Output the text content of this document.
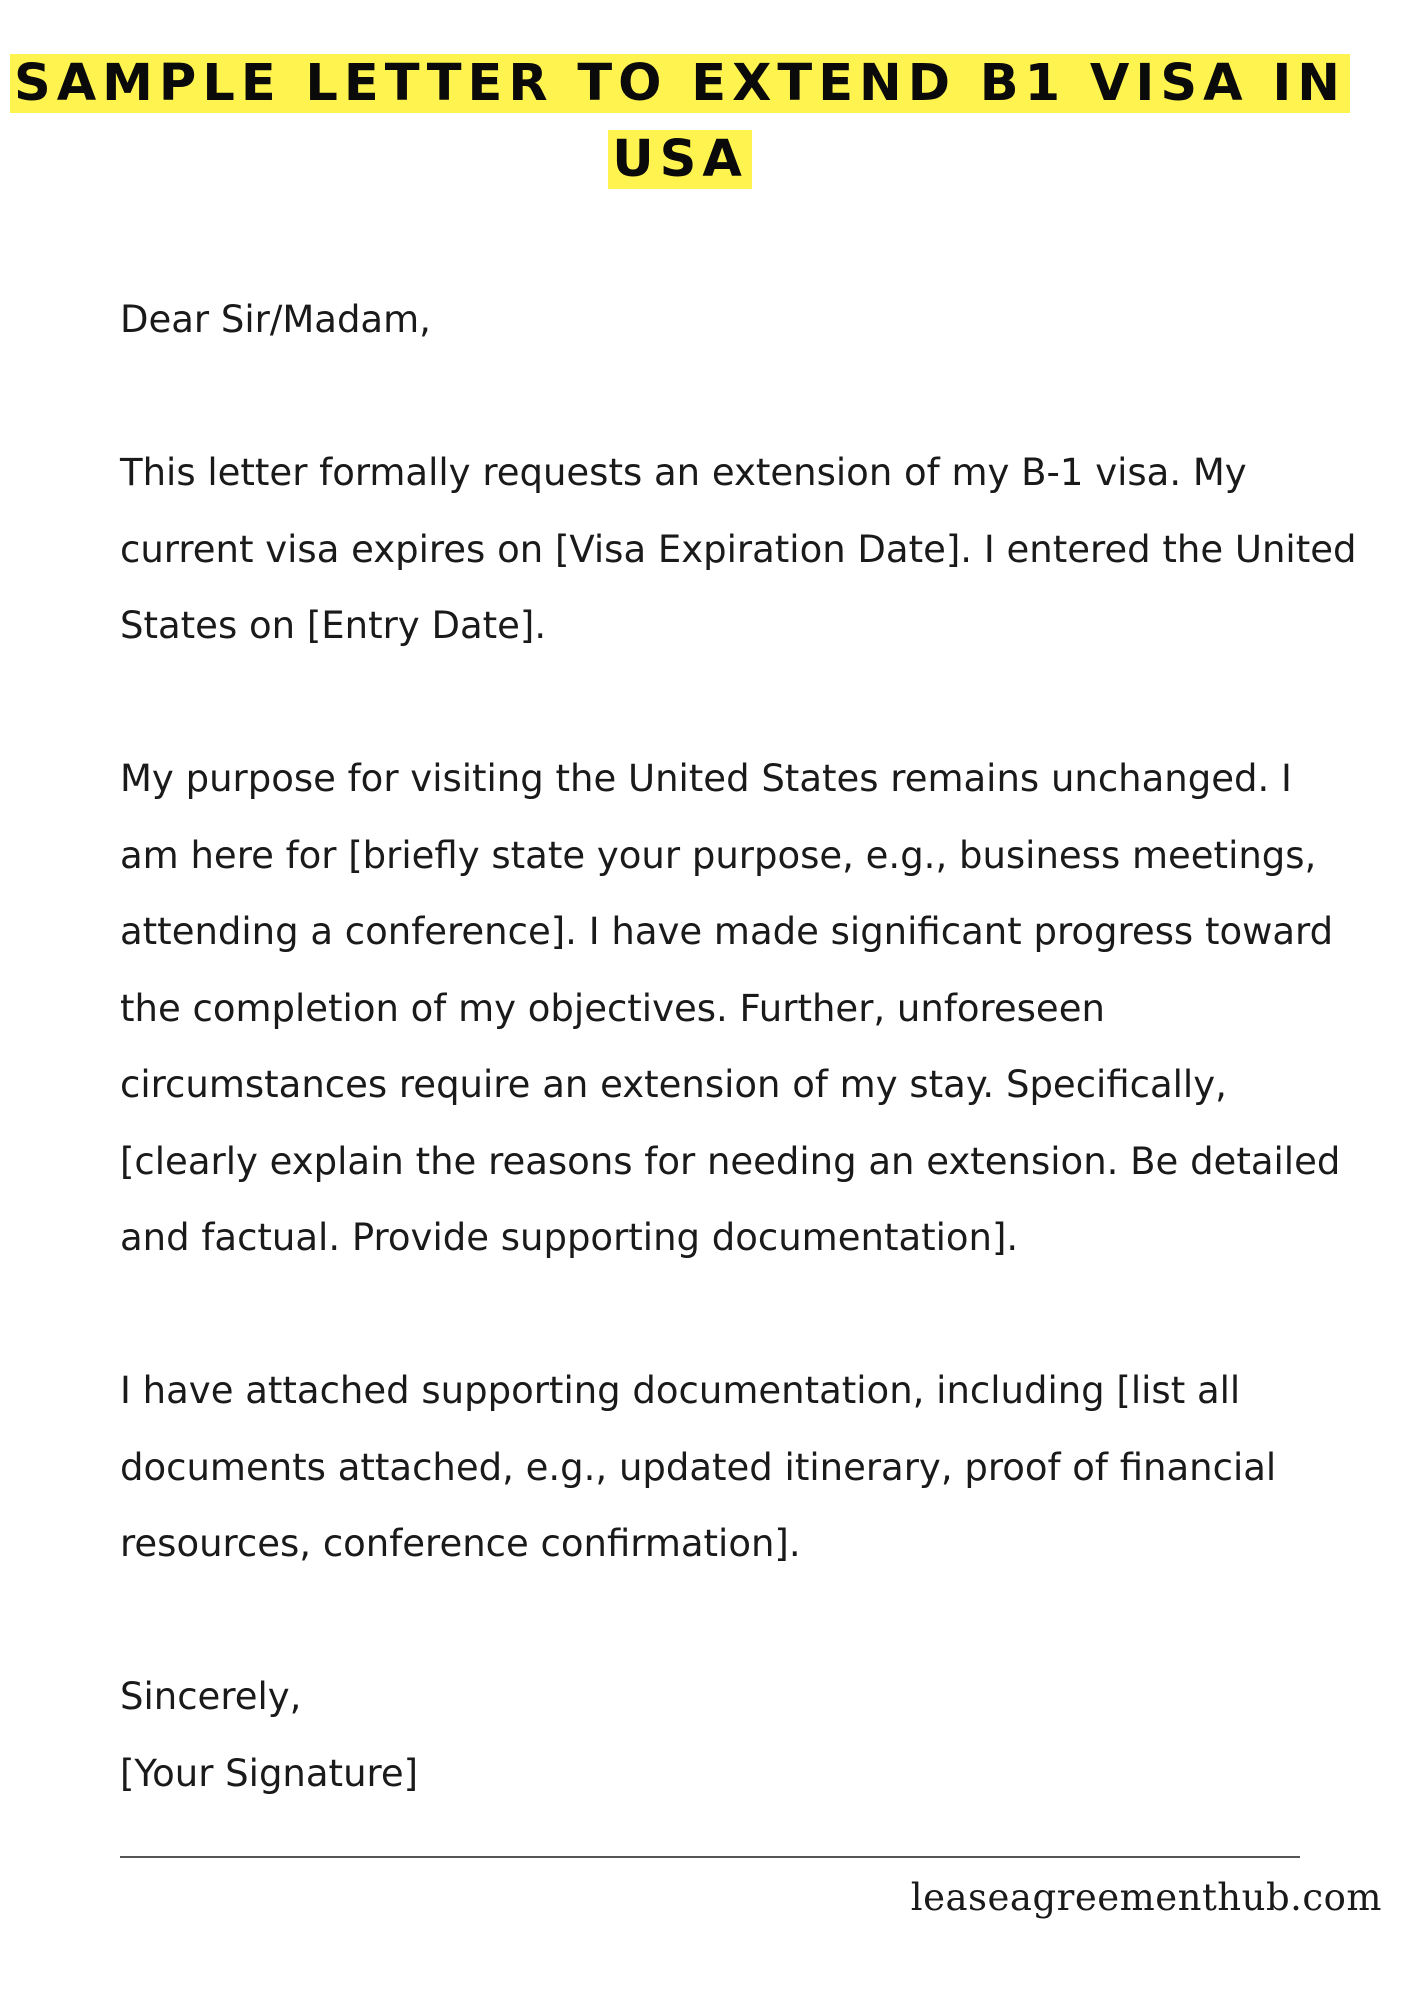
SAMPLE LETTER TO EXTEND B1 VISA IN USA

Dear Sir/Madam,

This letter formally requests an extension of my B-1 visa. My current visa expires on [Visa Expiration Date]. I entered the United States on [Entry Date].

My purpose for visiting the United States remains unchanged. I am here for [briefly state your purpose, e.g., business meetings, attending a conference]. I have made significant progress toward the completion of my objectives. Further, unforeseen circumstances require an extension of my stay. Specifically, [clearly explain the reasons for needing an extension. Be detailed and factual. Provide supporting documentation].

I have attached supporting documentation, including [list all documents attached, e.g., updated itinerary, proof of financial resources, conference confirmation].

Sincerely,

[Your Signature]

leaseagreementhub.com
